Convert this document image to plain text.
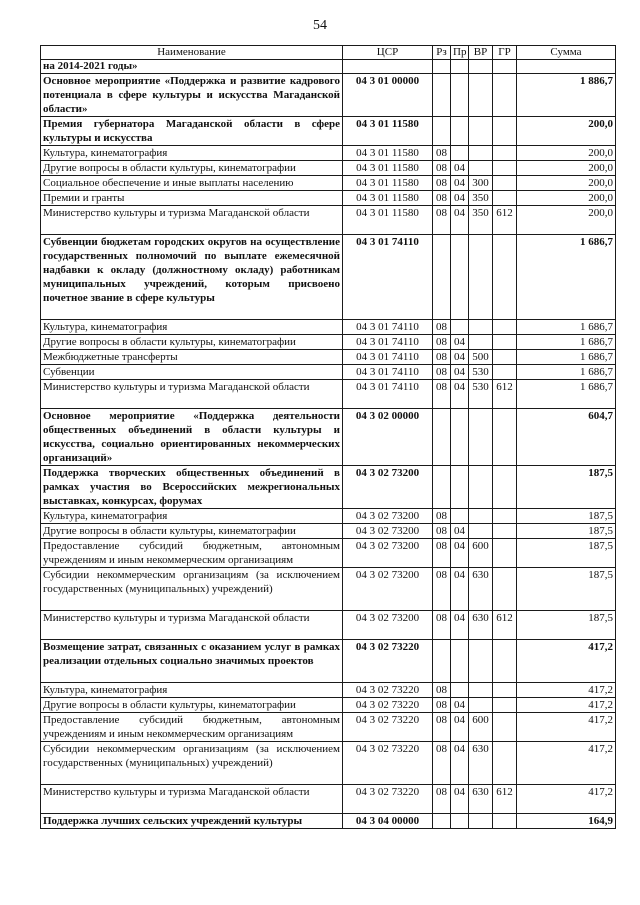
54
Наименование	ЦСР	Рз	Пр	ВР	ГР	Сумма
на 2014-2021 годы»						
Основное мероприятие «Поддержка и развитие кадрового потенциала в сфере культуры и искусства Магаданской области»	04 3 01 00000					1 886,7
Премия губернатора Магаданской области в сфере культуры и искусства	04 3 01 11580					200,0
Культура, кинематография	04 3 01 11580	08				200,0
Другие вопросы в области культуры, кинематографии	04 3 01 11580	08	04			200,0
Социальное обеспечение и иные выплаты населению	04 3 01 11580	08	04	300		200,0
Премии и гранты	04 3 01 11580	08	04	350		200,0
Министерство культуры и туризма Магаданской области	04 3 01 11580	08	04	350	612	200,0
Субвенции бюджетам городских округов на осуществление государственных полномочий по выплате ежемесячной надбавки к окладу (должностному окладу) работникам муниципальных учреждений, которым присвоено почетное звание в сфере культуры	04 3 01 74110					1 686,7
Культура, кинематография	04 3 01 74110	08				1 686,7
Другие вопросы в области культуры, кинематографии	04 3 01 74110	08	04			1 686,7
Межбюджетные трансферты	04 3 01 74110	08	04	500		1 686,7
Субвенции	04 3 01 74110	08	04	530		1 686,7
Министерство культуры и туризма Магаданской области	04 3 01 74110	08	04	530	612	1 686,7
Основное мероприятие «Поддержка деятельности общественных объединений в области культуры и искусства, социально ориентированных некоммерческих организаций»	04 3 02 00000					604,7
Поддержка творческих общественных объединений в рамках участия во Всероссийских межрегиональных выставках, конкурсах, форумах	04 3 02 73200					187,5
Культура, кинематография	04 3 02 73200	08				187,5
Другие вопросы в области культуры, кинематографии	04 3 02 73200	08	04			187,5
Предоставление субсидий бюджетным, автономным учреждениям и иным некоммерческим организациям	04 3 02 73200	08	04	600		187,5
Субсидии некоммерческим организациям (за исключением государственных (муниципальных) учреждений)	04 3 02 73200	08	04	630		187,5
Министерство культуры и туризма Магаданской области	04 3 02 73200	08	04	630	612	187,5
Возмещение затрат, связанных с оказанием услуг в рамках реализации отдельных социально значимых проектов	04 3 02 73220					417,2
Культура, кинематография	04 3 02 73220	08				417,2
Другие вопросы в области культуры, кинематографии	04 3 02 73220	08	04			417,2
Предоставление субсидий бюджетным, автономным учреждениям и иным некоммерческим организациям	04 3 02 73220	08	04	600		417,2
Субсидии некоммерческим организациям (за исключением государственных (муниципальных) учреждений)	04 3 02 73220	08	04	630		417,2
Министерство культуры и туризма Магаданской области	04 3 02 73220	08	04	630	612	417,2
Поддержка лучших сельских учреждений культуры	04 3 04 00000					164,9
